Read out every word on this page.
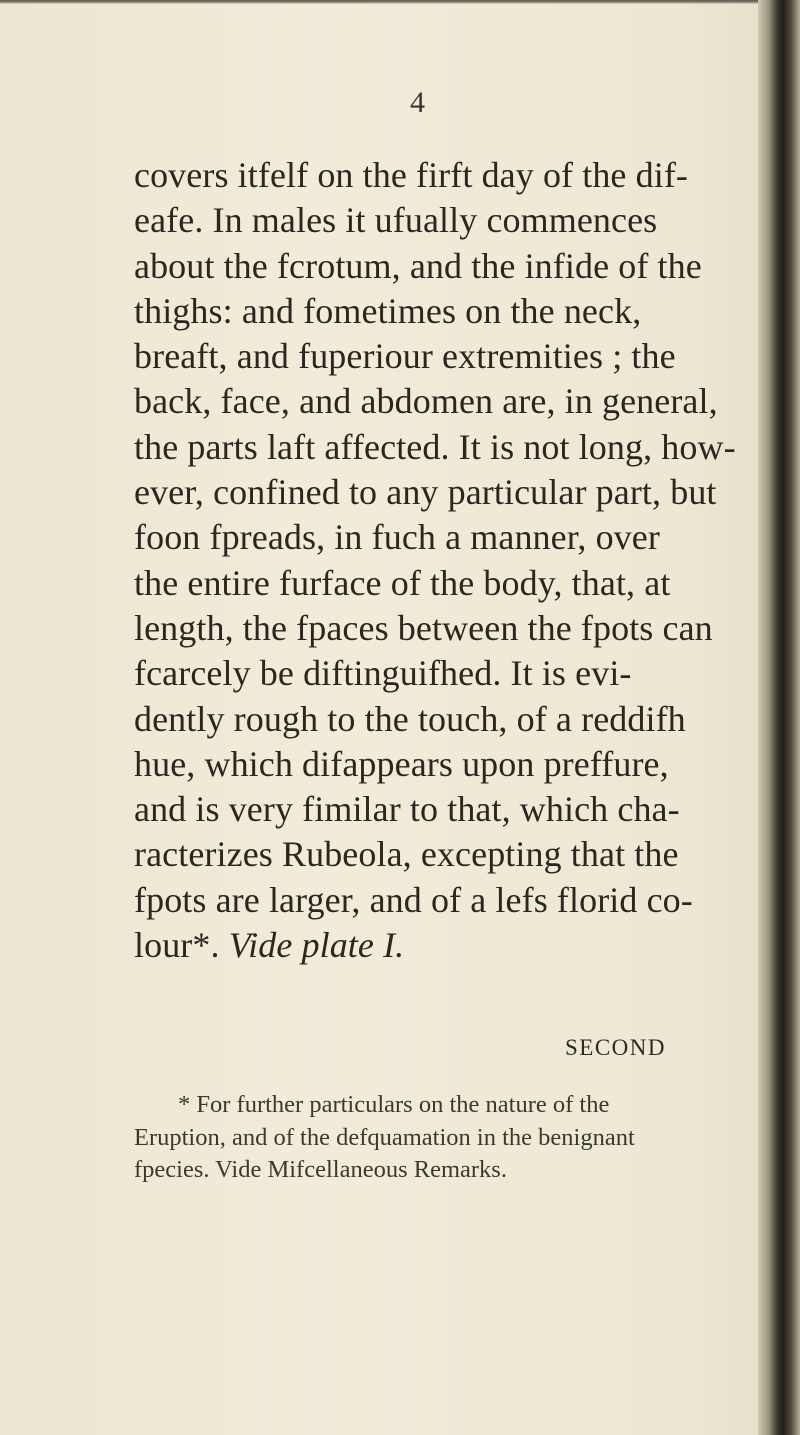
4
covers itfelf on the firft day of the dif-
eafe. In males it ufually commences
about the fcrotum, and the infide of the
thighs: and fometimes on the neck,
breaft, and fuperiour extremities ; the
back, face, and abdomen are, in general,
the parts laft affected. It is not long, how-
ever, confined to any particular part, but
foon fpreads, in fuch a manner, over
the entire furface of the body, that, at
length, the fpaces between the fpots can
fcarcely be diftinguifhed. It is evi-
dently rough to the touch, of a reddifh
hue, which difappears upon preffure,
and is very fimilar to that, which cha-
racterizes Rubeola, excepting that the
fpots are larger, and of a lefs florid co-
lour*. Vide plate I.
SECOND
* For further particulars on the nature of the
Eruption, and of the defquamation in the benignant
fpecies. Vide Mifcellaneous Remarks.
